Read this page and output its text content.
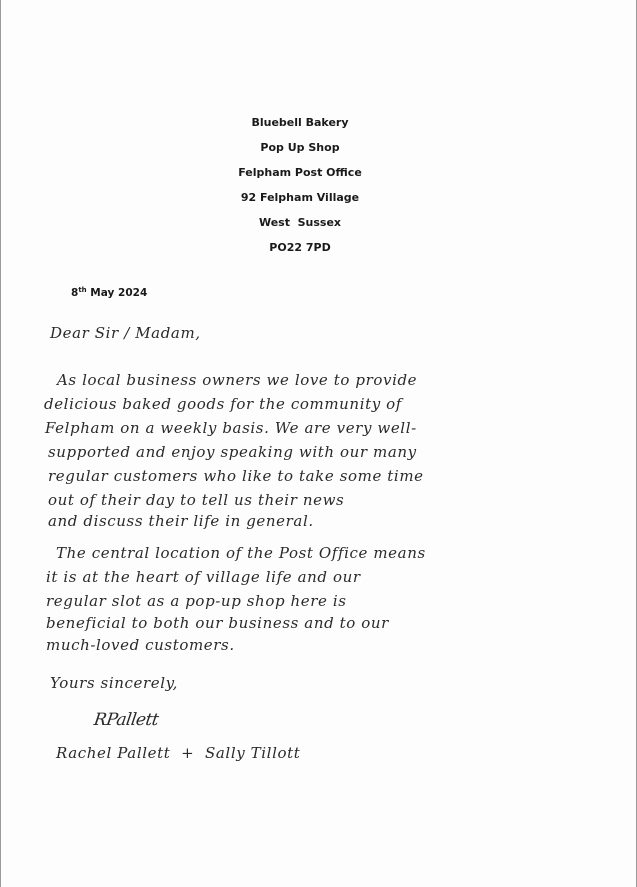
Bluebell Bakery
Pop Up Shop
Felpham Post Office
92 Felpham Village
West  Sussex
PO22 7PD
8th May 2024
Dear Sir / Madam,
As local business owners we love to provide
delicious baked goods for the community of
Felpham on a weekly basis. We are very well-
supported and enjoy speaking with our many
regular customers who like to take some time
out of their day to tell us their news
and discuss their life in general.
The central location of the Post Office means
it is at the heart of village life and our
regular slot as a pop-up shop here is
beneficial to both our business and to our
much-loved customers.
Yours sincerely,
RPallett
Rachel Pallett  +  Sally Tillott
